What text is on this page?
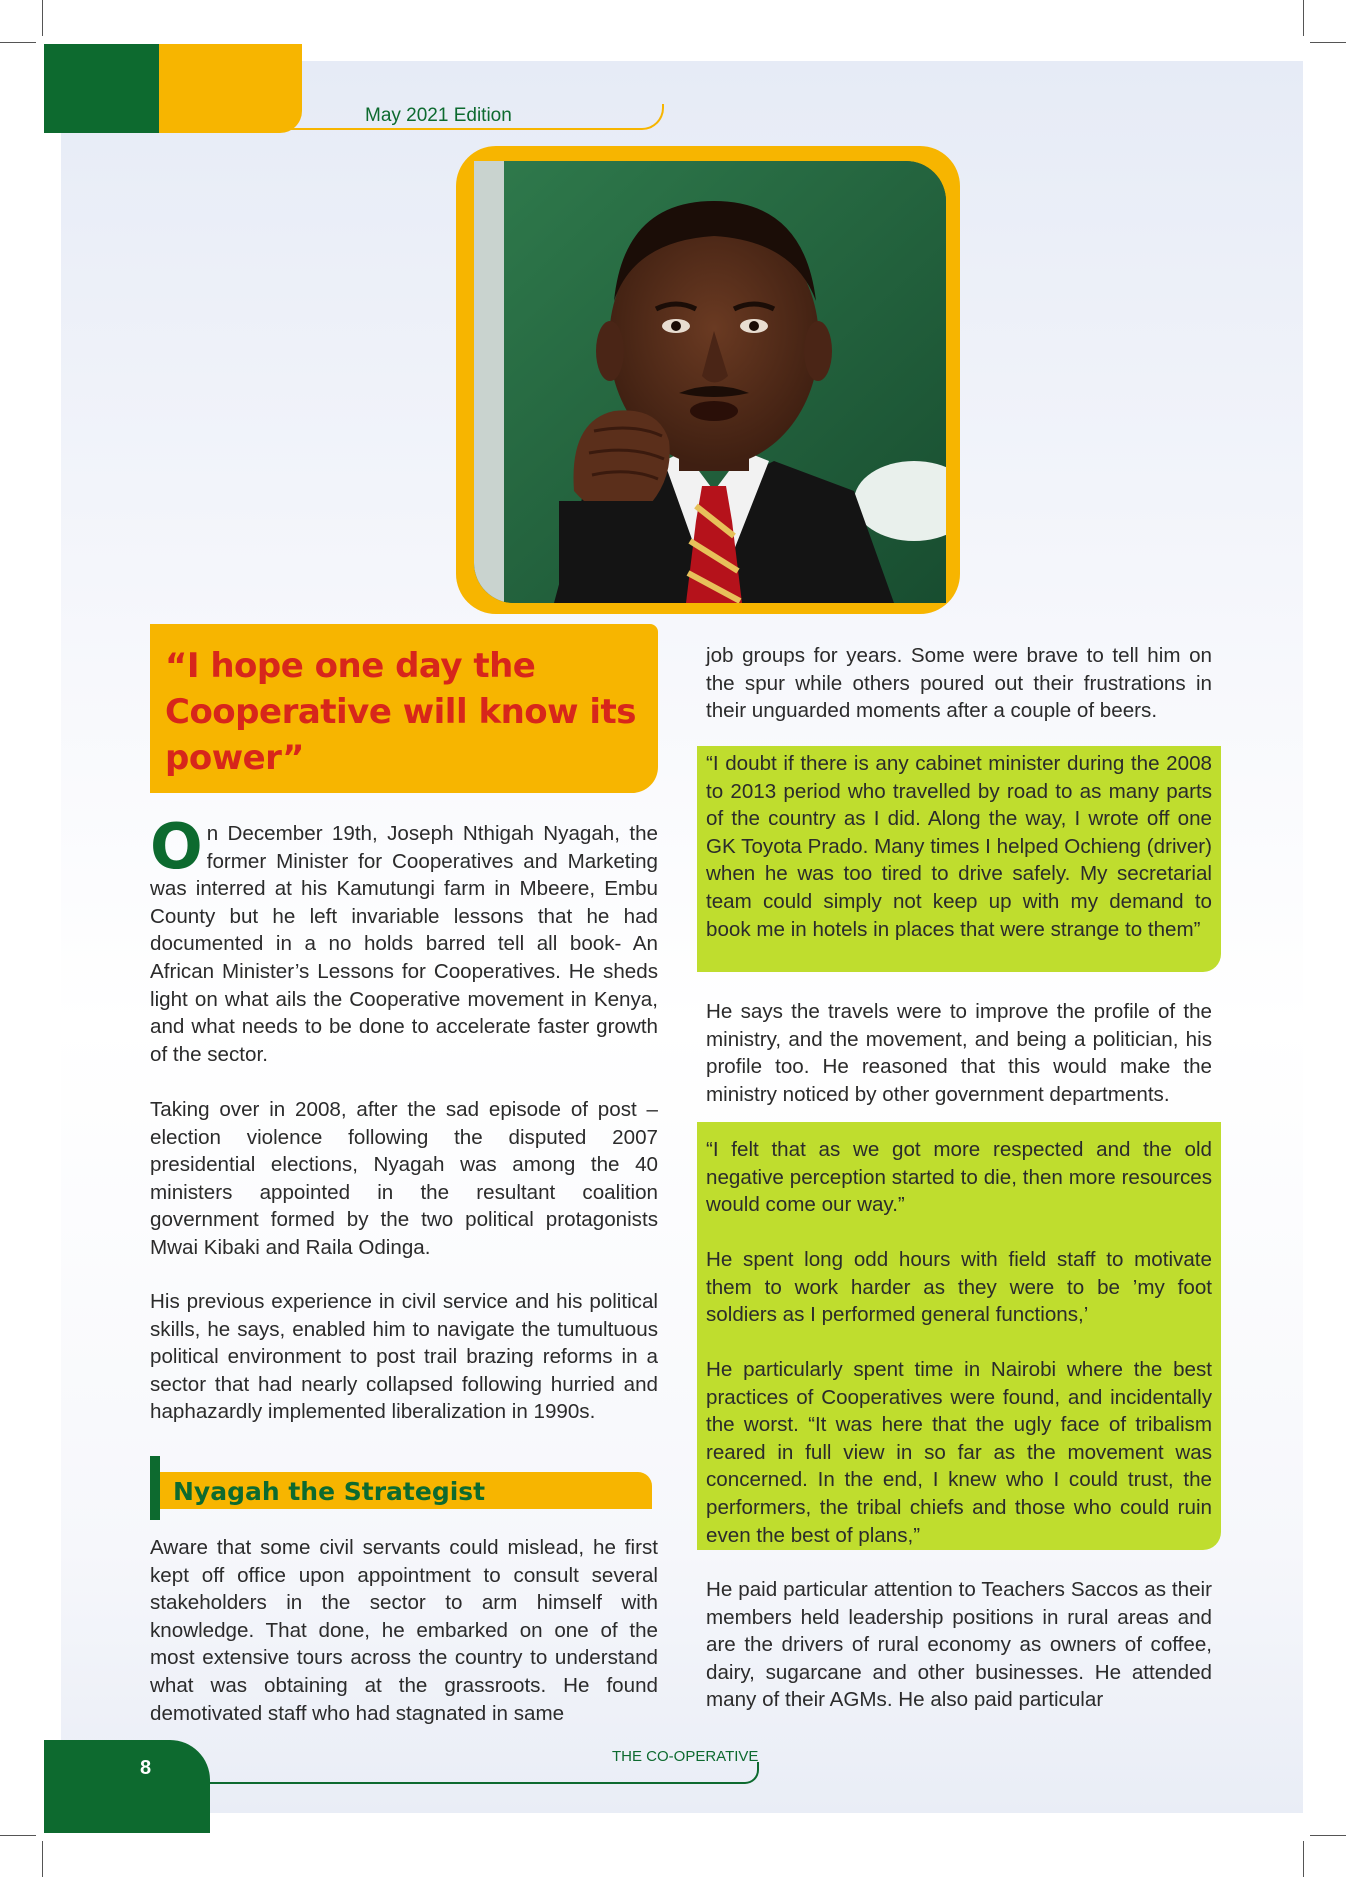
May 2021 Edition
“I hope one day the Cooperative will know its power”

On December 19th, Joseph Nthigah Nyagah, the former Minister for Cooperatives and Marketing was interred at his Kamutungi farm in Mbeere, Embu County but he left invariable lessons that he had documented in a no holds barred tell all book- An African Minister’s Lessons for Cooperatives. He sheds light on what ails the Cooperative movement in Kenya, and what needs to be done to accelerate faster growth of the sector.

Taking over in 2008, after the sad episode of post –election violence following the disputed 2007 presidential elections, Nyagah was among the 40 ministers appointed in the resultant coalition government formed by the two political protagonists Mwai Kibaki and Raila Odinga.

His previous experience in civil service and his political skills, he says, enabled him to navigate the tumultuous political environment to post trail brazing reforms in a sector that had nearly collapsed following hurried and haphazardly implemented liberalization in 1990s.

Nyagah the Strategist

Aware that some civil servants could mislead, he first kept off office upon appointment to consult several stakeholders in the sector to arm himself with knowledge. That done, he embarked on one of the most extensive tours across the country to understand what was obtaining at the grassroots. He found demotivated staff who had stagnated in same

job groups for years. Some were brave to tell him on the spur while others poured out their frustrations in their unguarded moments after a couple of beers.

“I doubt if there is any cabinet minister during the 2008 to 2013 period who travelled by road to as many parts of the country as I did. Along the way, I wrote off one GK Toyota Prado. Many times I helped Ochieng (driver) when he was too tired to drive safely. My secretarial team could simply not keep up with my demand to book me in hotels in places that were strange to them”

He says the travels were to improve the profile of the ministry, and the movement, and being a politician, his profile too. He reasoned that this would make the ministry noticed by other government departments.

“I felt that as we got more respected and the old negative perception started to die, then more resources would come our way.”

He spent long odd hours with field staff to motivate them to work harder as they were to be ’my foot soldiers as I performed general functions,’

He particularly spent time in Nairobi where the best practices of Cooperatives were found, and incidentally the worst. “It was here that the ugly face of tribalism reared in full view in so far as the movement was concerned. In the end, I knew who I could trust, the performers, the tribal chiefs and those who could ruin even the best of plans,”

He paid particular attention to Teachers Saccos as their members held leadership positions in rural areas and are the drivers of rural economy as owners of coffee, dairy, sugarcane and other businesses. He attended many of their AGMs. He also paid particular

8
THE CO-OPERATIVE
